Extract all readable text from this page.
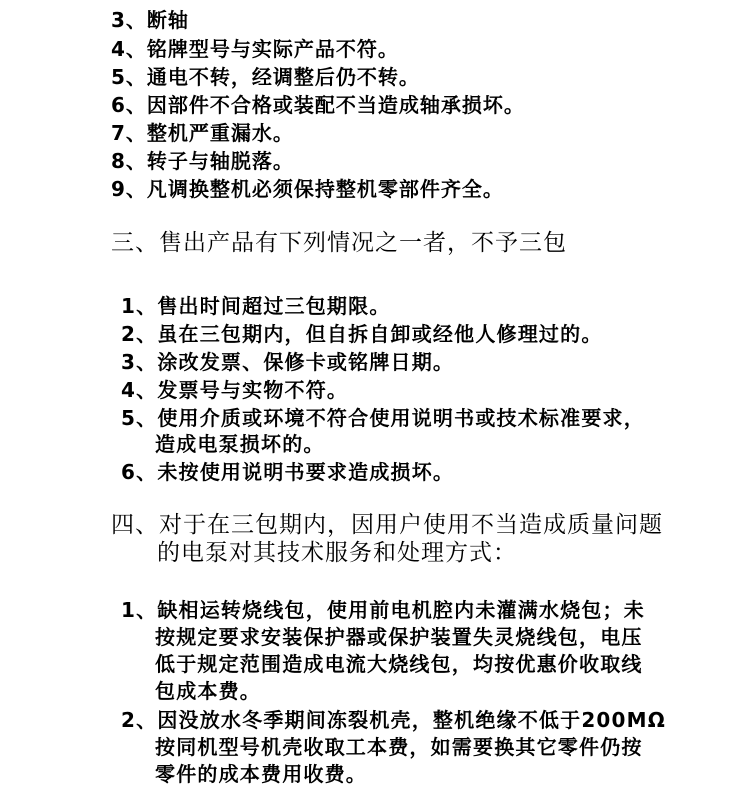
3、断轴

4、铭牌型号与实际产品不符。

5、通电不转，经调整后仍不转。

6、因部件不合格或装配不当造成轴承损坏。

7、整机严重漏水。

8、转子与轴脱落。

9、凡调换整机必须保持整机零部件齐全。

三、售出产品有下列情况之一者，不予三包

1、售出时间超过三包期限。

2、虽在三包期内，但自拆自卸或经他人修理过的。

3、涂改发票、保修卡或铭牌日期。

4、发票号与实物不符。

5、使用介质或环境不符合使用说明书或技术标准要求，

造成电泵损坏的。

6、未按使用说明书要求造成损坏。

四、对于在三包期内，因用户使用不当造成质量问题

的电泵对其技术服务和处理方式：

1、缺相运转烧线包，使用前电机腔内未灌满水烧包；未

按规定要求安装保护器或保护装置失灵烧线包，电压

低于规定范围造成电流大烧线包，均按优惠价收取线

包成本费。

2、因没放水冬季期间冻裂机壳，整机绝缘不低于200MΩ

按同机型号机壳收取工本费，如需要换其它零件仍按

零件的成本费用收费。
